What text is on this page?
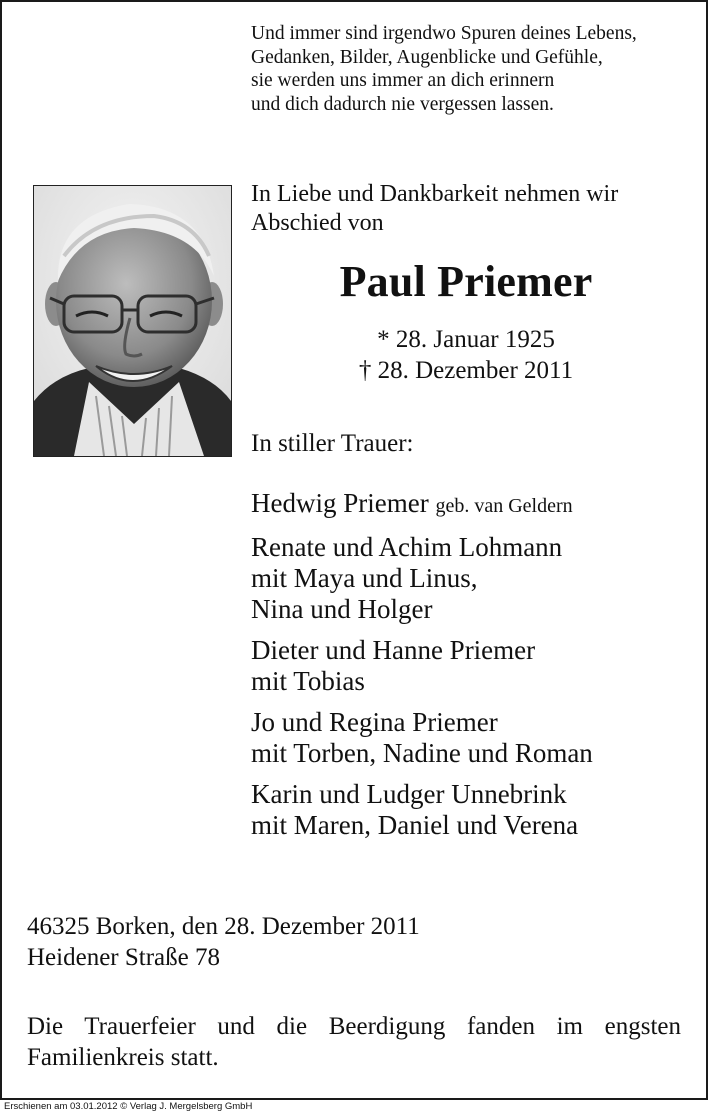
Und immer sind irgendwo Spuren deines Lebens,
Gedanken, Bilder, Augenblicke und Gefühle,
sie werden uns immer an dich erinnern
und dich dadurch nie vergessen lassen.
In Liebe und Dankbarkeit nehmen wir
Abschied von
Paul Priemer
* 28. Januar 1925
† 28. Dezember 2011
In stiller Trauer:
Hedwig Priemer geb. van Geldern
Renate und Achim Lohmann
mit Maya und Linus,
Nina und Holger
Dieter und Hanne Priemer
mit Tobias
Jo und Regina Priemer
mit Torben, Nadine und Roman
Karin und Ludger Unnebrink
mit Maren, Daniel und Verena
46325 Borken, den 28. Dezember 2011
Heidener Straße 78
Die Trauerfeier und die Beerdigung fanden im engsten Familienkreis statt.
Erschienen am 03.01.2012 © Verlag J. Mergelsberg GmbH
